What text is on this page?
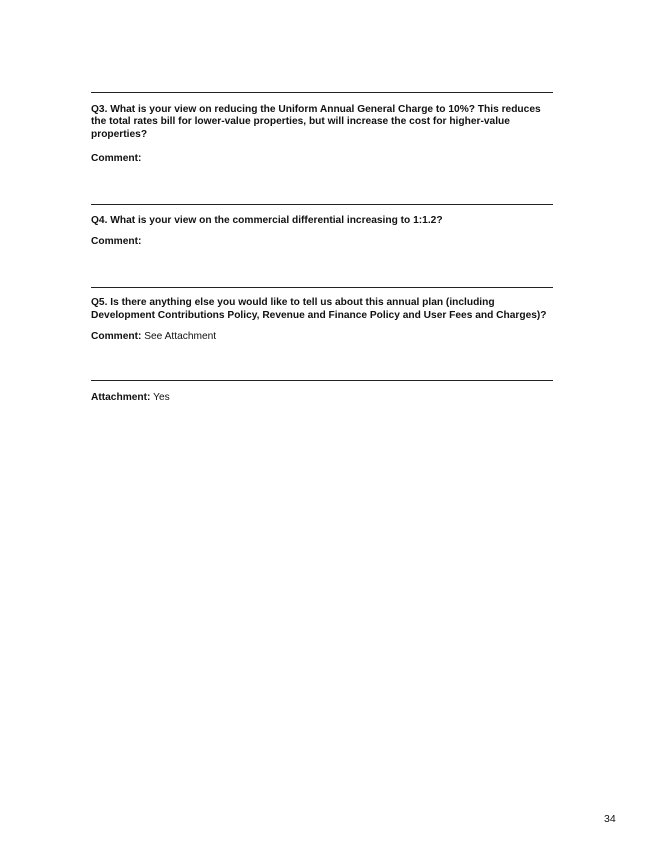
Q3. What is your view on reducing the Uniform Annual General Charge to 10%? This reduces the total rates bill for lower-value properties, but will increase the cost for higher-value properties?

Comment:

Q4. What is your view on the commercial differential increasing to 1:1.2?

Comment:

Q5. Is there anything else you would like to tell us about this annual plan (including Development Contributions Policy, Revenue and Finance Policy and User Fees and Charges)?

Comment: See Attachment

Attachment: Yes

34
